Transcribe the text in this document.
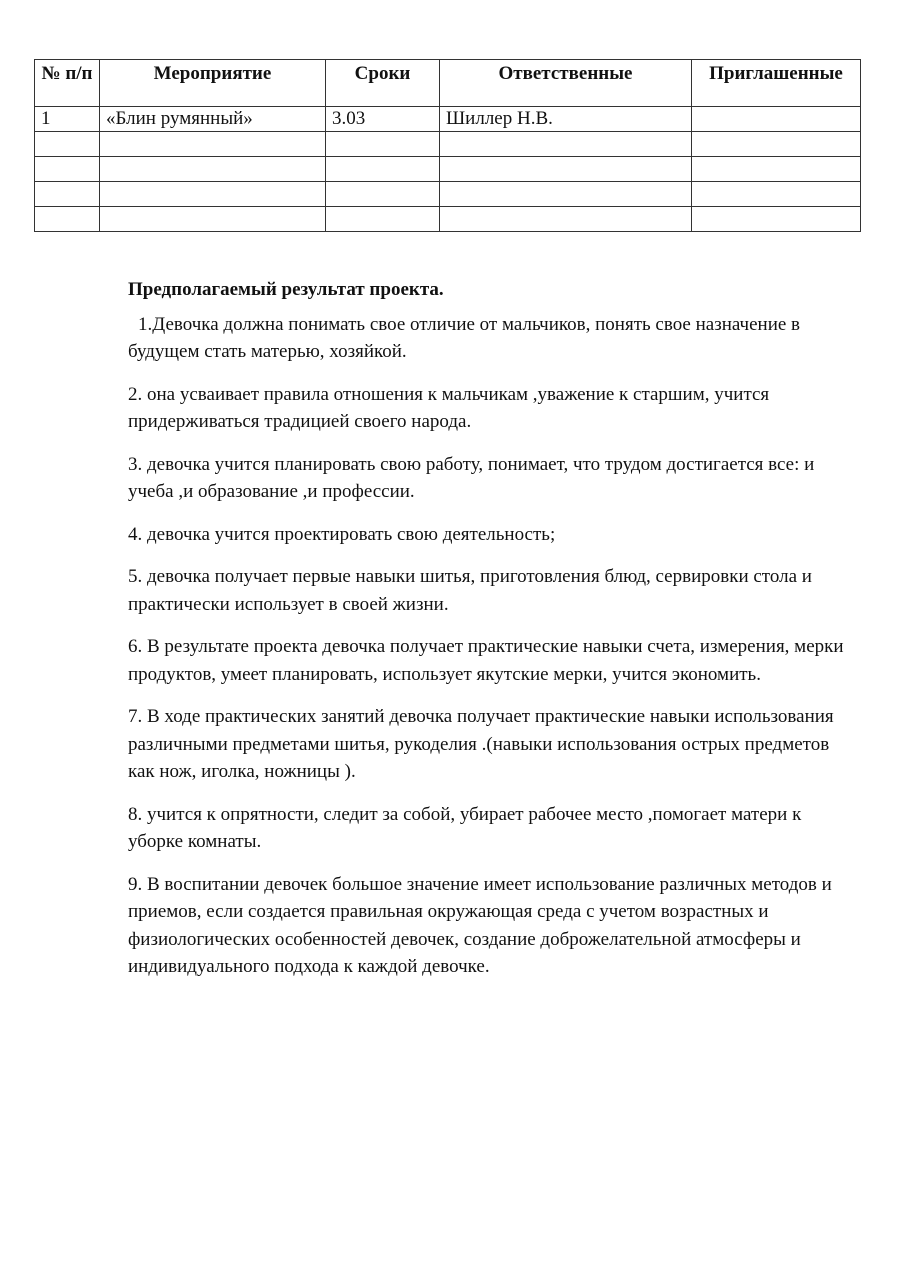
№ п/п	Мероприятие	Сроки	Ответственные	Приглашенные
1	«Блин румянный»	3.03	Шиллер Н.В.	

Предполагаемый результат проекта.

1.Девочка должна понимать свое отличие от мальчиков, понять свое назначение в будущем стать матерью, хозяйкой.

2. она усваивает правила отношения к мальчикам ,уважение к старшим, учится придерживаться традицией своего народа.

3. девочка учится планировать свою работу, понимает, что трудом достигается все: и учеба ,и образование ,и профессии.

4. девочка учится проектировать свою деятельность;

5. девочка получает первые навыки шитья, приготовления блюд, сервировки стола и практически использует в своей жизни.

6. В результате проекта девочка получает практические навыки счета, измерения, мерки продуктов, умеет планировать, использует якутские мерки, учится экономить.

7. В ходе практических занятий девочка получает практические навыки использования различными предметами шитья, рукоделия .(навыки использования острых предметов как нож, иголка, ножницы ).

8. учится к опрятности, следит за собой, убирает рабочее место ,помогает матери к уборке комнаты.

9. В воспитании девочек большое значение имеет использование различных методов и приемов, если создается правильная окружающая среда с учетом возрастных и физиологических особенностей девочек, создание доброжелательной атмосферы и индивидуального подхода к каждой девочке.
